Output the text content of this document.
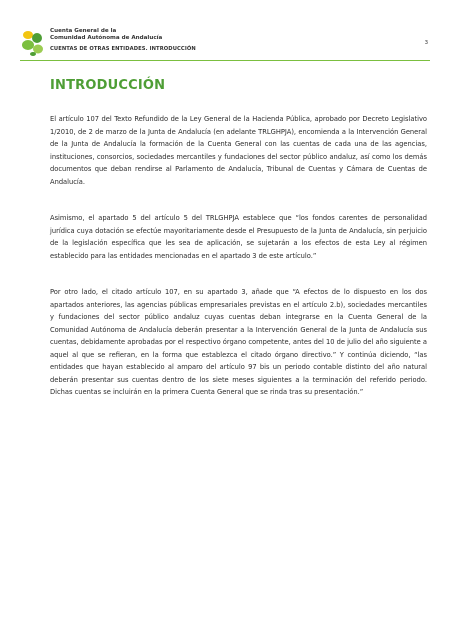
Cuenta General de la
Comunidad Autónoma de Andalucía
CUENTAS DE OTRAS ENTIDADES. INTRODUCCIÓN
3
INTRODUCCIÓN

El artículo 107 del Texto Refundido de la Ley General de la Hacienda Pública, aprobado por Decreto Legislativo 1/2010, de 2 de marzo de la Junta de Andalucía (en adelante TRLGHPJA), encomienda a la Intervención General de la Junta de Andalucía la formación de la Cuenta General con las cuentas de cada una de las agencias, instituciones, consorcios, sociedades mercantiles y fundaciones del sector público andaluz, así como los demás documentos que deban rendirse al Parlamento de Andalucía, Tribunal de Cuentas y Cámara de Cuentas de Andalucía.

Asimismo, el apartado 5 del artículo 5 del TRLGHPJA establece que “los fondos carentes de personalidad jurídica cuya dotación se efectúe mayoritariamente desde el Presupuesto de la Junta de Andalucía, sin perjuicio de la legislación específica que les sea de aplicación, se sujetarán a los efectos de esta Ley al régimen establecido para las entidades mencionadas en el apartado 3 de este artículo.”

Por otro lado, el citado artículo 107, en su apartado 3, añade que “A efectos de lo dispuesto en los dos apartados anteriores, las agencias públicas empresariales previstas en el artículo 2.b), sociedades mercantiles y fundaciones del sector público andaluz cuyas cuentas deban integrarse en la Cuenta General de la Comunidad Autónoma de Andalucía deberán presentar a la Intervención General de la Junta de Andalucía sus cuentas, debidamente aprobadas por el respectivo órgano competente, antes del 10 de julio del año siguiente a aquel al que se refieran, en la forma que establezca el citado órgano directivo.” Y continúa diciendo, “las entidades que hayan establecido al amparo del artículo 97 bis un periodo contable distinto del año natural deberán presentar sus cuentas dentro de los siete meses siguientes a la terminación del referido periodo. Dichas cuentas se incluirán en la primera Cuenta General que se rinda tras su presentación.”
